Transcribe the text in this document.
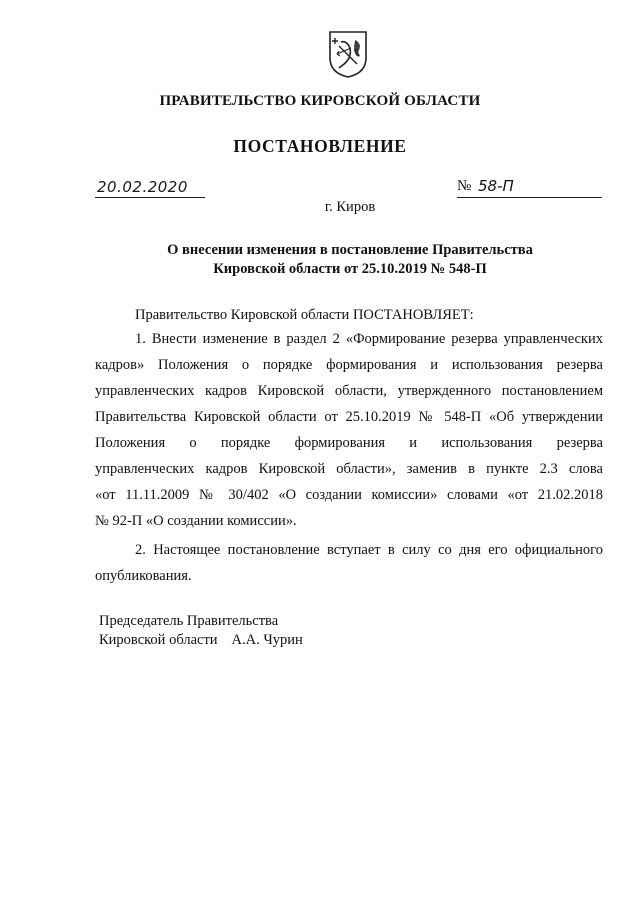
ПРАВИТЕЛЬСТВО КИРОВСКОЙ ОБЛАСТИ
ПОСТАНОВЛЕНИЕ
20.02.2020	№ 58-П
г. Киров
О внесении изменения в постановление Правительства
Кировской области от 25.10.2019 № 548-П
Правительство Кировской области ПОСТАНОВЛЯЕТ:
1. Внести изменение в раздел 2 «Формирование резерва управленческих
кадров» Положения о порядке формирования и использования резерва
управленческих кадров Кировской области, утвержденного постановлением
Правительства Кировской области от 25.10.2019 № 548-П «Об утверждении
Положения о порядке формирования и использования резерва
управленческих кадров Кировской области», заменив в пункте 2.3 слова
«от 11.11.2009 № 30/402 «О создании комиссии» словами «от 21.02.2018
№ 92-П «О создании комиссии».
2. Настоящее постановление вступает в силу со дня его официального
опубликования.
Председатель Правительства
Кировской области А.А. Чурин
